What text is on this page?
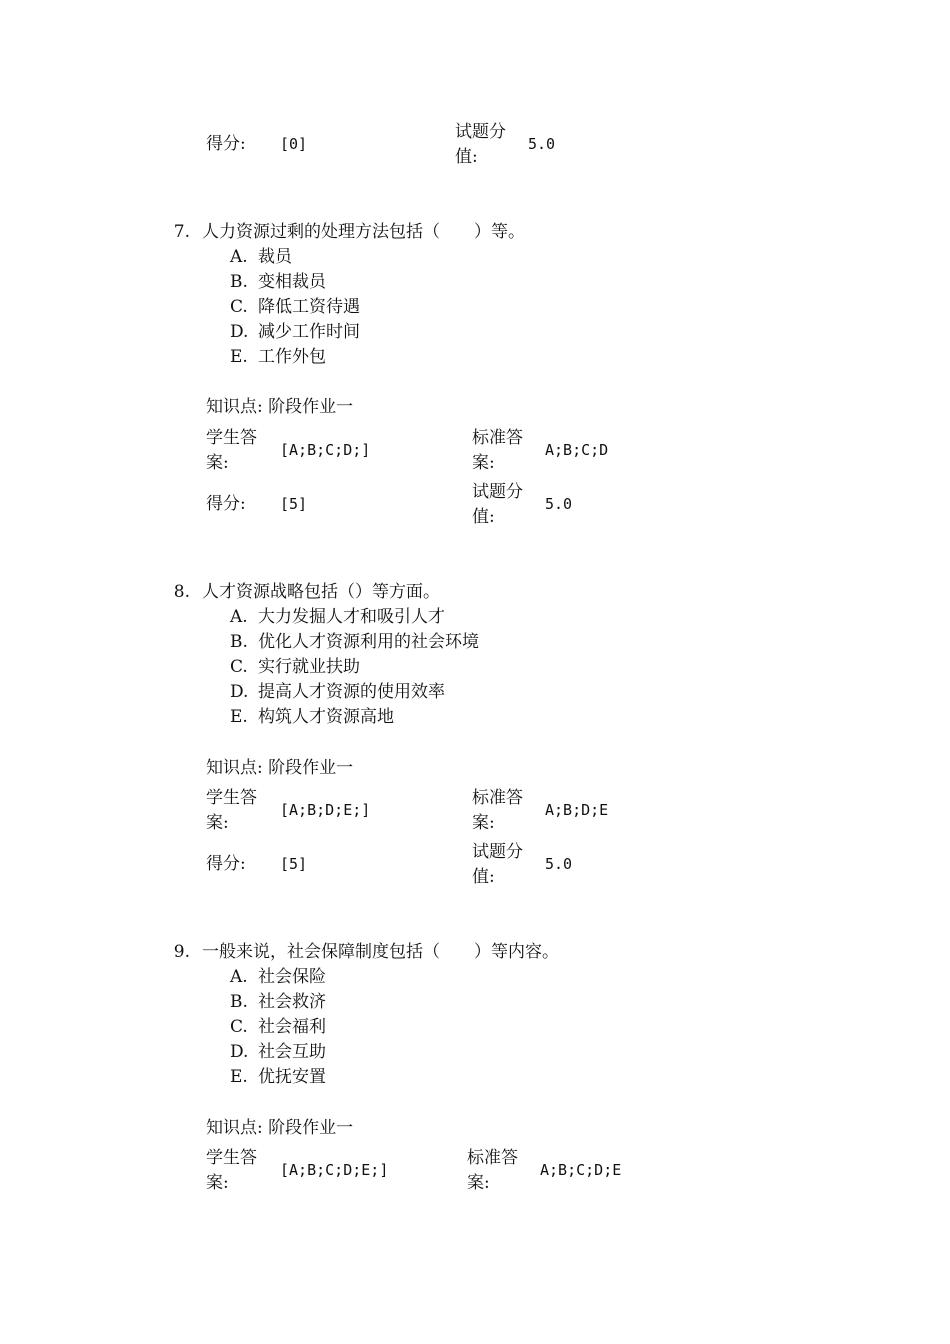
得分: [0]
试题分值:
5.0
7. 人力资源过剩的处理方法包括（　　）等。
A. 裁员
B. 变相裁员
C. 降低工资待遇
D. 减少工作时间
E. 工作外包
知识点: 阶段作业一
学生答案:
[A;B;C;D;]
标准答案:
A;B;C;D
得分: [5]
试题分值:
5.0
8. 人才资源战略包括（）等方面。
A. 大力发掘人才和吸引人才
B. 优化人才资源利用的社会环境
C. 实行就业扶助
D. 提高人才资源的使用效率
E. 构筑人才资源高地
知识点: 阶段作业一
学生答案:
[A;B;D;E;]
标准答案:
A;B;D;E
得分: [5]
试题分值:
5.0
9. 一般来说，社会保障制度包括（　　）等内容。
A. 社会保险
B. 社会救济
C. 社会福利
D. 社会互助
E. 优抚安置
知识点: 阶段作业一
学生答案:
[A;B;C;D;E;]
标准答案:
A;B;C;D;E
